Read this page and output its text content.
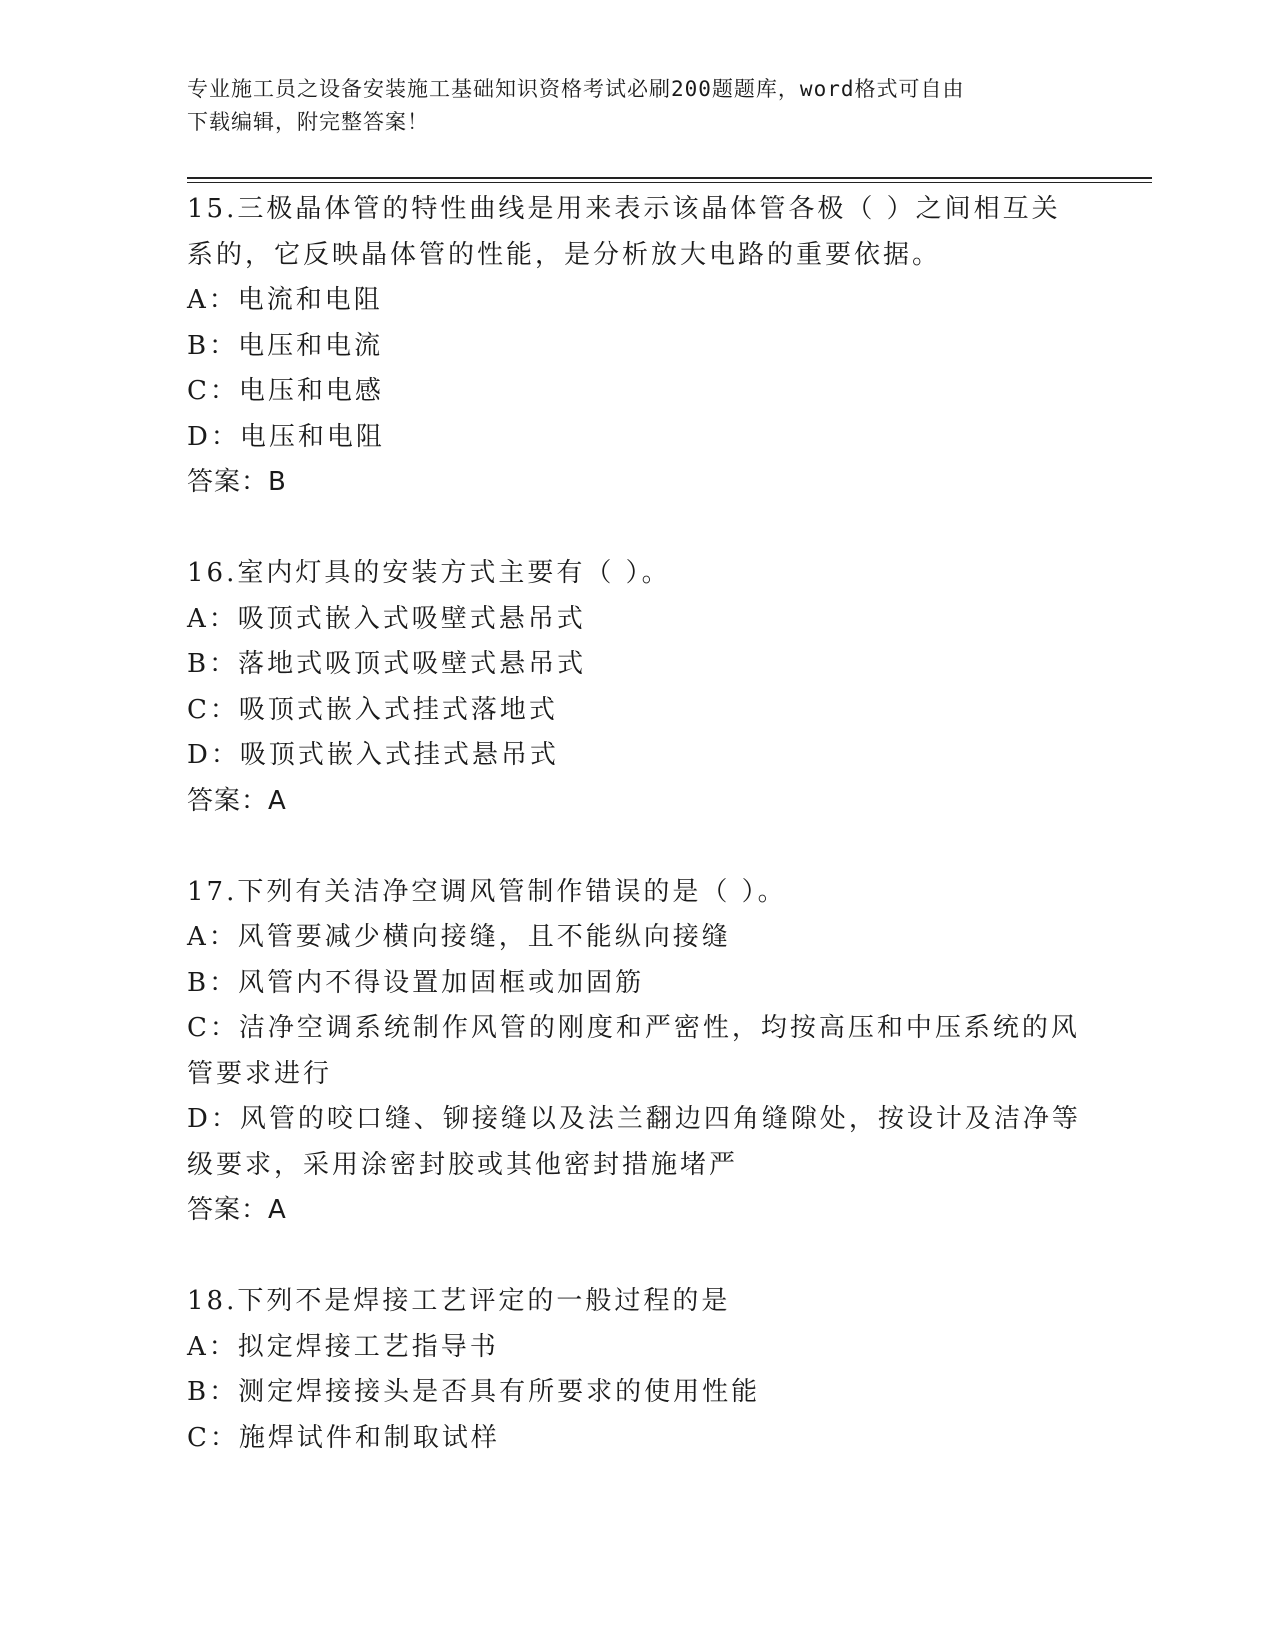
专业施工员之设备安装施工基础知识资格考试必刷200题题库，word格式可自由
下载编辑，附完整答案！
15.三极晶体管的特性曲线是用来表示该晶体管各极（ ）之间相互关
系的，它反映晶体管的性能，是分析放大电路的重要依据。
A：电流和电阻
B：电压和电流
C：电压和电感
D：电压和电阻
答案：B
16.室内灯具的安装方式主要有（ ）。
A：吸顶式嵌入式吸壁式悬吊式
B：落地式吸顶式吸壁式悬吊式
C：吸顶式嵌入式挂式落地式
D：吸顶式嵌入式挂式悬吊式
答案：A
17.下列有关洁净空调风管制作错误的是（ ）。
A：风管要减少横向接缝，且不能纵向接缝
B：风管内不得设置加固框或加固筋
C：洁净空调系统制作风管的刚度和严密性，均按高压和中压系统的风
管要求进行
D：风管的咬口缝、铆接缝以及法兰翻边四角缝隙处，按设计及洁净等
级要求，采用涂密封胶或其他密封措施堵严
答案：A
18.下列不是焊接工艺评定的一般过程的是
A：拟定焊接工艺指导书
B：测定焊接接头是否具有所要求的使用性能
C：施焊试件和制取试样
